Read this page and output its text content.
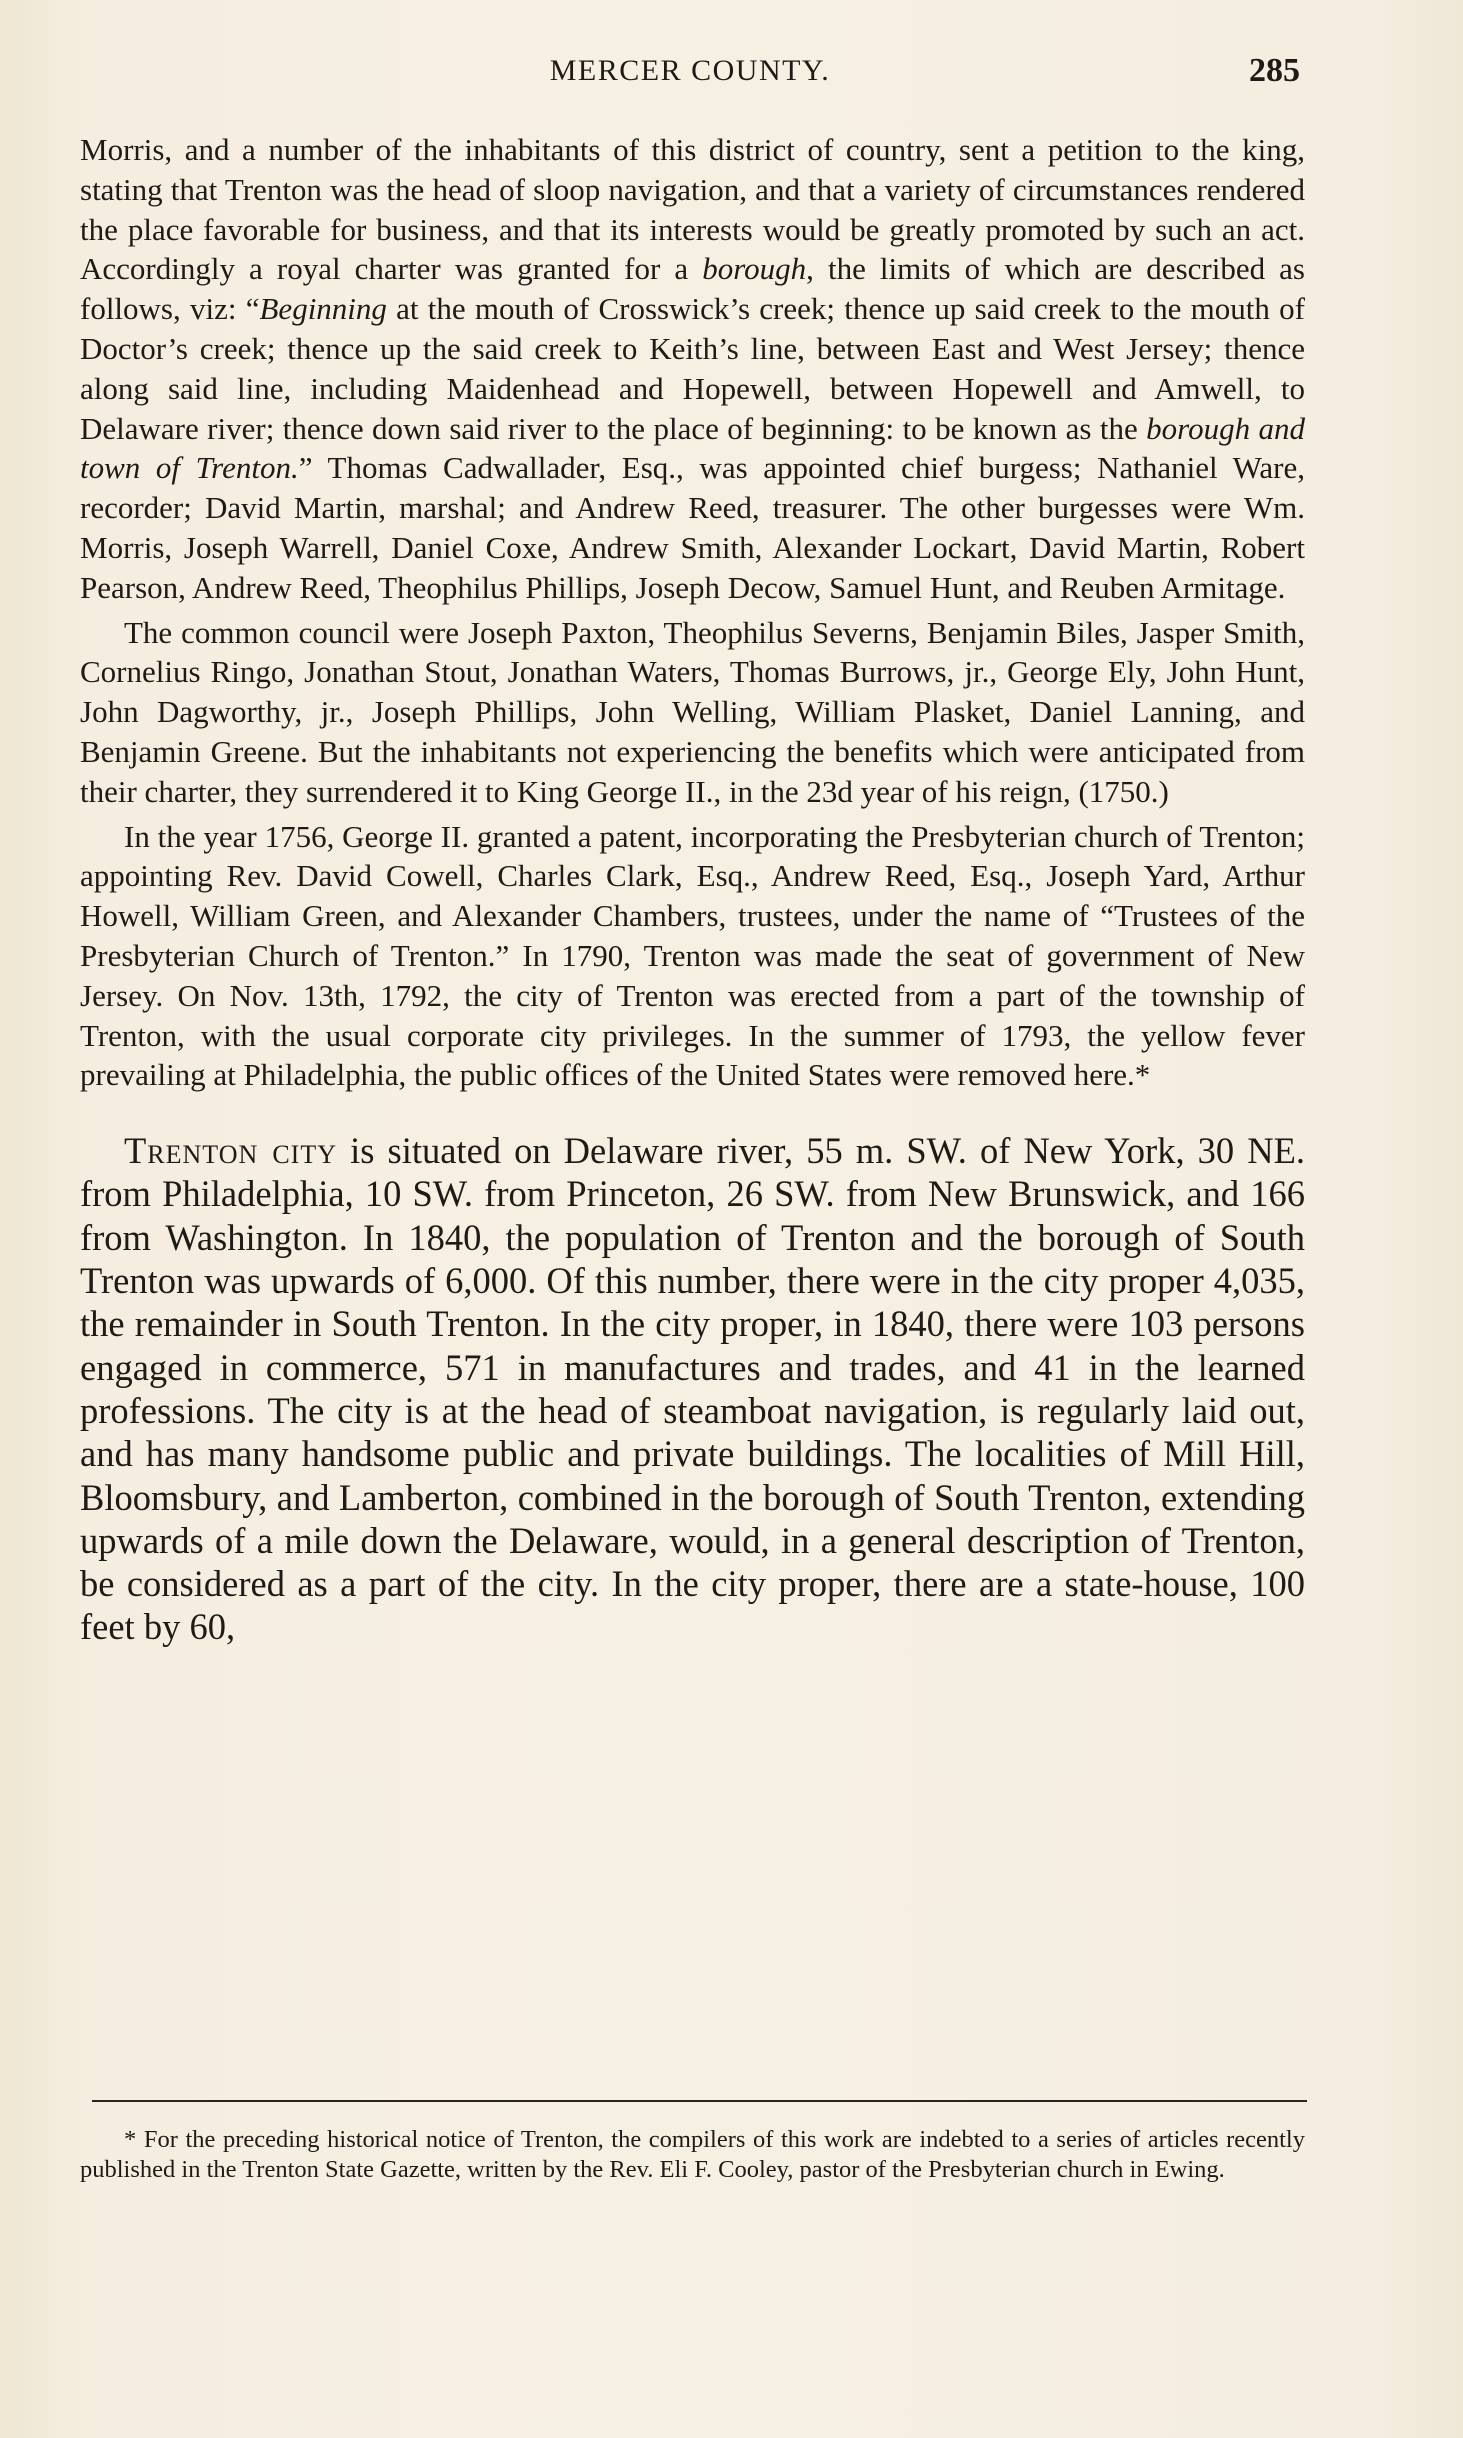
MERCER COUNTY.	285

Morris, and a number of the inhabitants of this district of country, sent a petition to the king, stating that Trenton was the head of sloop navigation, and that a variety of circumstances rendered the place favorable for business, and that its interests would be greatly promoted by such an act. Accordingly a royal charter was granted for a borough, the limits of which are described as follows, viz: “Beginning at the mouth of Crosswick’s creek; thence up said creek to the mouth of Doctor’s creek; thence up the said creek to Keith’s line, between East and West Jersey; thence along said line, including Maidenhead and Hopewell, between Hopewell and Amwell, to Delaware river; thence down said river to the place of beginning: to be known as the borough and town of Trenton.” Thomas Cadwallader, Esq., was appointed chief burgess; Nathaniel Ware, recorder; David Martin, marshal; and Andrew Reed, treasurer. The other burgesses were Wm. Morris, Joseph Warrell, Daniel Coxe, Andrew Smith, Alexander Lockart, David Martin, Robert Pearson, Andrew Reed, Theophilus Phillips, Joseph Decow, Samuel Hunt, and Reuben Armitage.

The common council were Joseph Paxton, Theophilus Severns, Benjamin Biles, Jasper Smith, Cornelius Ringo, Jonathan Stout, Jonathan Waters, Thomas Burrows, jr., George Ely, John Hunt, John Dagworthy, jr., Joseph Phillips, John Welling, William Plasket, Daniel Lanning, and Benjamin Greene. But the inhabitants not experiencing the benefits which were anticipated from their charter, they surrendered it to King George II., in the 23d year of his reign, (1750.)

In the year 1756, George II. granted a patent, incorporating the Presbyterian church of Trenton; appointing Rev. David Cowell, Charles Clark, Esq., Andrew Reed, Esq., Joseph Yard, Arthur Howell, William Green, and Alexander Chambers, trustees, under the name of “Trustees of the Presbyterian Church of Trenton.” In 1790, Trenton was made the seat of government of New Jersey. On Nov. 13th, 1792, the city of Trenton was erected from a part of the township of Trenton, with the usual corporate city privileges. In the summer of 1793, the yellow fever prevailing at Philadelphia, the public offices of the United States were removed here.*

Trenton city is situated on Delaware river, 55 m. SW. of New York, 30 NE. from Philadelphia, 10 SW. from Princeton, 26 SW. from New Brunswick, and 166 from Washington. In 1840, the population of Trenton and the borough of South Trenton was upwards of 6,000. Of this number, there were in the city proper 4,035, the remainder in South Trenton. In the city proper, in 1840, there were 103 persons engaged in commerce, 571 in manufactures and trades, and 41 in the learned professions. The city is at the head of steamboat navigation, is regularly laid out, and has many handsome public and private buildings. The localities of Mill Hill, Bloomsbury, and Lamberton, combined in the borough of South Trenton, extending upwards of a mile down the Delaware, would, in a general description of Trenton, be considered as a part of the city. In the city proper, there are a state-house, 100 feet by 60,

* For the preceding historical notice of Trenton, the compilers of this work are indebted to a series of articles recently published in the Trenton State Gazette, written by the Rev. Eli F. Cooley, pastor of the Presbyterian church in Ewing.
